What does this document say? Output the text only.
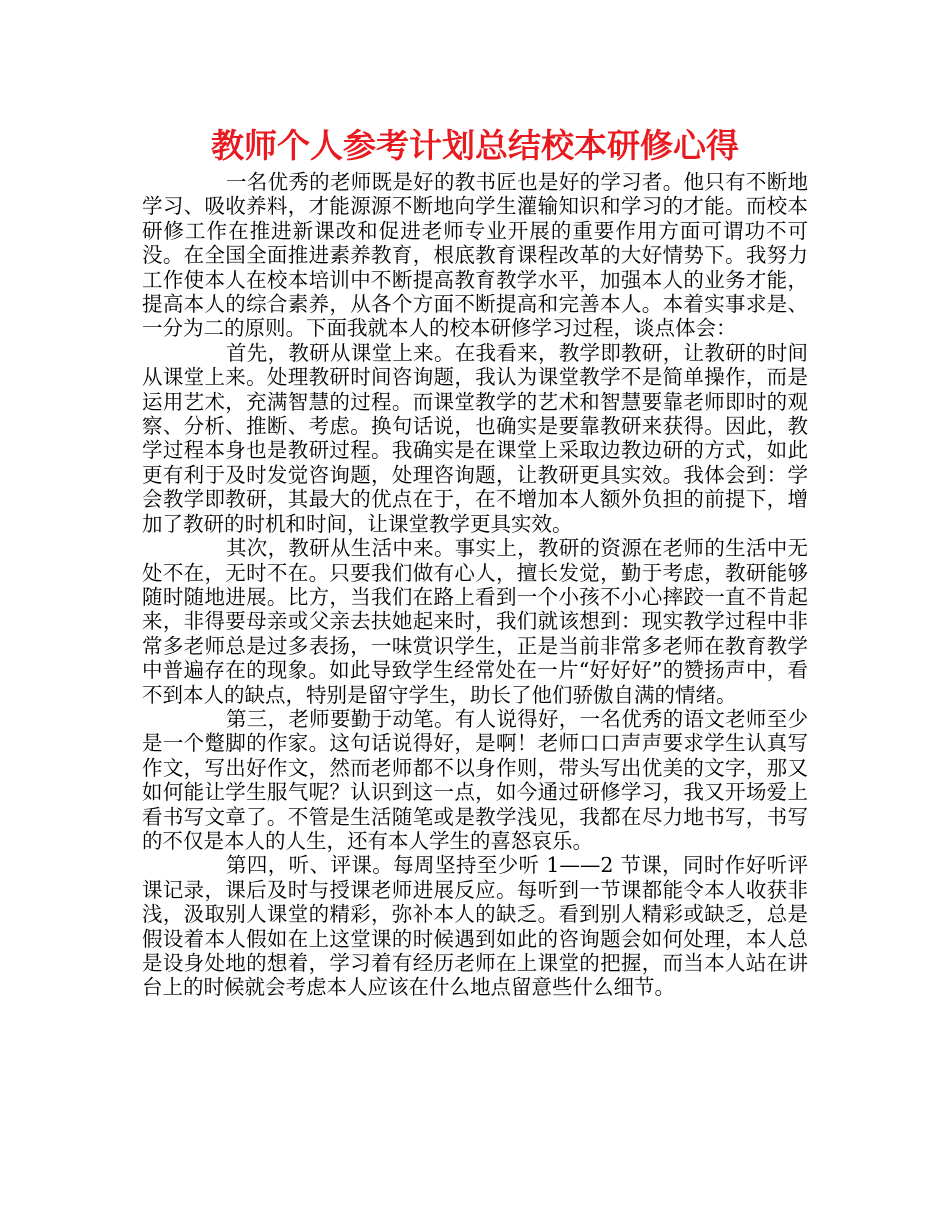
教师个人参考计划总结校本研修心得

一名优秀的老师既是好的教书匠也是好的学习者。他只有不断地学习、吸收养料，才能源源不断地向学生灌输知识和学习的才能。而校本研修工作在推进新课改和促进老师专业开展的重要作用方面可谓功不可没。在全国全面推进素养教育，根底教育课程改革的大好情势下。我努力工作使本人在校本培训中不断提高教育教学水平，加强本人的业务才能，提高本人的综合素养，从各个方面不断提高和完善本人。本着实事求是、一分为二的原则。下面我就本人的校本研修学习过程，谈点体会：

首先，教研从课堂上来。在我看来，教学即教研，让教研的时间从课堂上来。处理教研时间咨询题，我认为课堂教学不是简单操作，而是运用艺术，充满智慧的过程。而课堂教学的艺术和智慧要靠老师即时的观察、分析、推断、考虑。换句话说，也确实是要靠教研来获得。因此，教学过程本身也是教研过程。我确实是在课堂上采取边教边研的方式，如此更有利于及时发觉咨询题，处理咨询题，让教研更具实效。我体会到：学会教学即教研，其最大的优点在于，在不增加本人额外负担的前提下，增加了教研的时机和时间，让课堂教学更具实效。

其次，教研从生活中来。事实上，教研的资源在老师的生活中无处不在，无时不在。只要我们做有心人，擅长发觉，勤于考虑，教研能够随时随地进展。比方，当我们在路上看到一个小孩不小心摔跤一直不肯起来，非得要母亲或父亲去扶她起来时，我们就该想到：现实教学过程中非常多老师总是过多表扬，一味赏识学生，正是当前非常多老师在教育教学中普遍存在的现象。如此导致学生经常处在一片“好好好”的赞扬声中，看不到本人的缺点，特别是留守学生，助长了他们骄傲自满的情绪。

第三，老师要勤于动笔。有人说得好，一名优秀的语文老师至少是一个蹩脚的作家。这句话说得好，是啊！老师口口声声要求学生认真写作文，写出好作文，然而老师都不以身作则，带头写出优美的文字，那又如何能让学生服气呢？认识到这一点，如今通过研修学习，我又开场爱上看书写文章了。不管是生活随笔或是教学浅见，我都在尽力地书写，书写的不仅是本人的人生，还有本人学生的喜怒哀乐。

第四，听、评课。每周坚持至少听 1——2 节课，同时作好听评课记录，课后及时与授课老师进展反应。每听到一节课都能令本人收获非浅，汲取别人课堂的精彩，弥补本人的缺乏。看到别人精彩或缺乏，总是假设着本人假如在上这堂课的时候遇到如此的咨询题会如何处理，本人总是设身处地的想着，学习着有经历老师在上课堂的把握，而当本人站在讲台上的时候就会考虑本人应该在什么地点留意些什么细节。
